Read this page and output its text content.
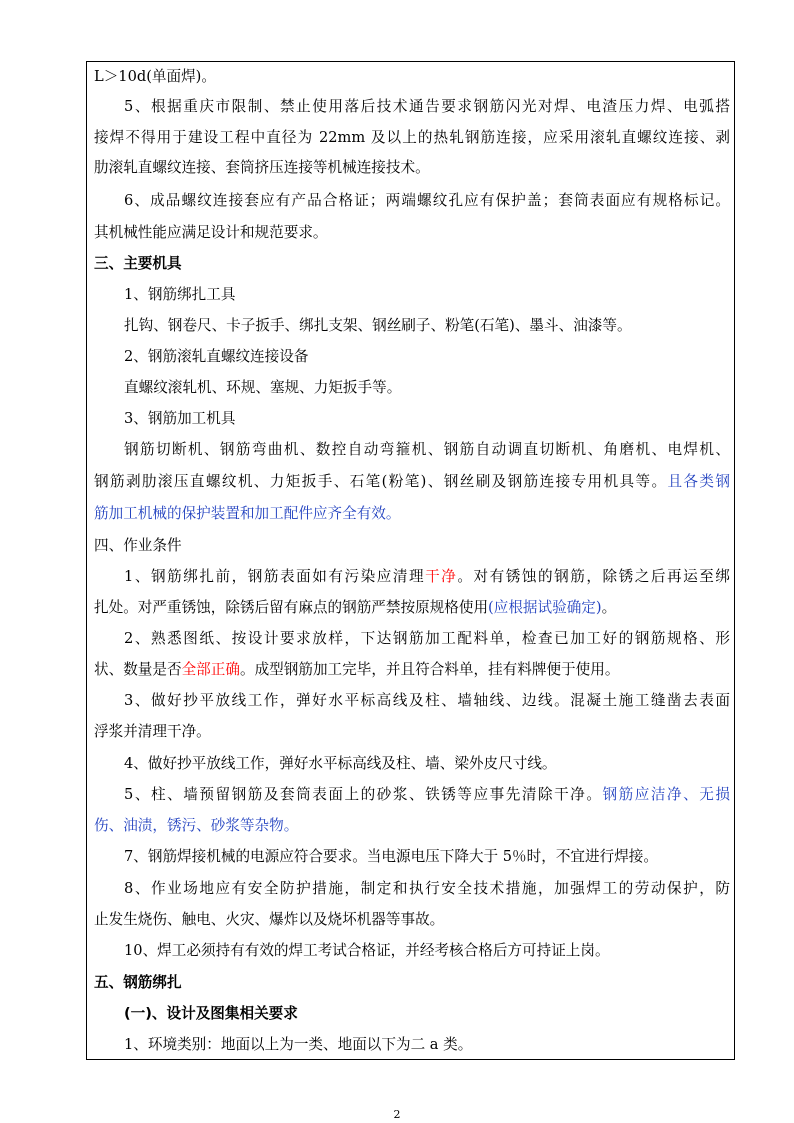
L＞10d(单面焊)。
5、根据重庆市限制、禁止使用落后技术通告要求钢筋闪光对焊、电渣压力焊、电弧搭
接焊不得用于建设工程中直径为 22mm 及以上的热轧钢筋连接，应采用滚轧直螺纹连接、剥
肋滚轧直螺纹连接、套筒挤压连接等机械连接技术。
6、成品螺纹连接套应有产品合格证；两端螺纹孔应有保护盖；套筒表面应有规格标记。
其机械性能应满足设计和规范要求。
三、主要机具
1、钢筋绑扎工具
扎钩、钢卷尺、卡子扳手、绑扎支架、钢丝刷子、粉笔(石笔)、墨斗、油漆等。
2、钢筋滚轧直螺纹连接设备
直螺纹滚轧机、环规、塞规、力矩扳手等。
3、钢筋加工机具
钢筋切断机、钢筋弯曲机、数控自动弯箍机、钢筋自动调直切断机、角磨机、电焊机、
钢筋剥肋滚压直螺纹机、力矩扳手、石笔(粉笔)、钢丝刷及钢筋连接专用机具等。且各类钢
筋加工机械的保护装置和加工配件应齐全有效。
四、作业条件
1、钢筋绑扎前，钢筋表面如有污染应清理干净。对有锈蚀的钢筋，除锈之后再运至绑
扎处。对严重锈蚀，除锈后留有麻点的钢筋严禁按原规格使用(应根据试验确定)。
2、熟悉图纸、按设计要求放样，下达钢筋加工配料单，检查已加工好的钢筋规格、形
状、数量是否全部正确。成型钢筋加工完毕，并且符合料单，挂有料牌便于使用。
3、做好抄平放线工作，弹好水平标高线及柱、墙轴线、边线。混凝土施工缝凿去表面
浮浆并清理干净。
4、做好抄平放线工作，弹好水平标高线及柱、墙、梁外皮尺寸线。
5、柱、墙预留钢筋及套筒表面上的砂浆、铁锈等应事先清除干净。钢筋应洁净、无损
伤、油渍，锈污、砂浆等杂物。
7、钢筋焊接机械的电源应符合要求。当电源电压下降大于 5％时，不宜进行焊接。
8、作业场地应有安全防护措施，制定和执行安全技术措施，加强焊工的劳动保护，防
止发生烧伤、触电、火灾、爆炸以及烧坏机器等事故。
10、焊工必须持有有效的焊工考试合格证，并经考核合格后方可持证上岗。
五、钢筋绑扎
(一)、设计及图集相关要求
1、环境类别：地面以上为一类、地面以下为二 a 类。
2
